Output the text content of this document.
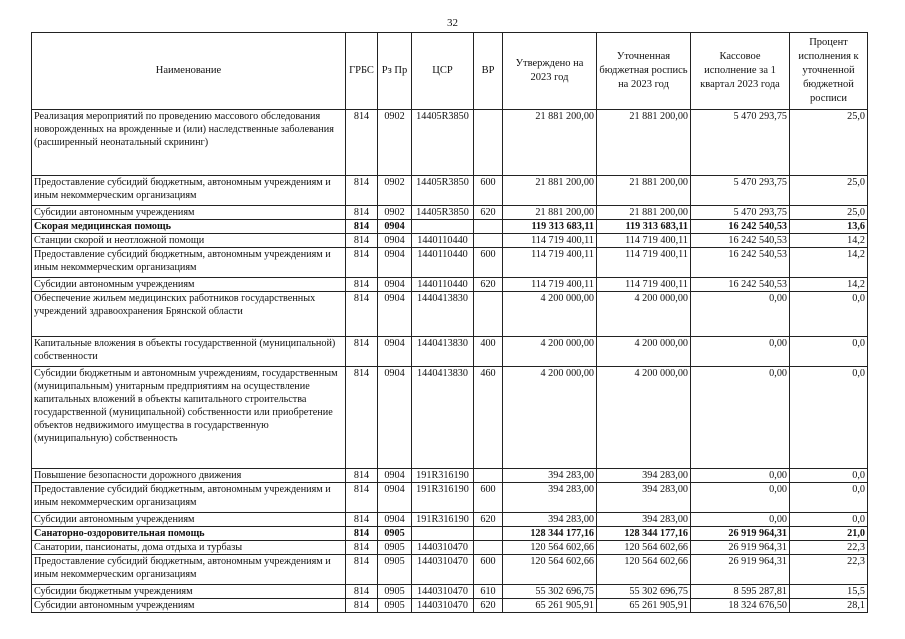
32
Наименование	ГРБС	Рз Пр	ЦСР	ВР	Утверждено на 2023 год	Уточненная бюджетная роспись на 2023 год	Кассовое исполнение за 1 квартал 2023 года	Процент исполнения к уточненной бюджетной росписи
Реализация мероприятий по проведению массового обследования новорожденных на врожденные и (или) наследственные заболевания (расширенный неонатальный скрининг)	814	0902	14405R3850		21 881 200,00	21 881 200,00	5 470 293,75	25,0
Предоставление субсидий бюджетным, автономным учреждениям и иным некоммерческим организациям	814	0902	14405R3850	600	21 881 200,00	21 881 200,00	5 470 293,75	25,0
Субсидии автономным учреждениям	814	0902	14405R3850	620	21 881 200,00	21 881 200,00	5 470 293,75	25,0
Скорая медицинская помощь	814	0904			119 313 683,11	119 313 683,11	16 242 540,53	13,6
Станции скорой и неотложной помощи	814	0904	1440110440		114 719 400,11	114 719 400,11	16 242 540,53	14,2
Предоставление субсидий бюджетным, автономным учреждениям и иным некоммерческим организациям	814	0904	1440110440	600	114 719 400,11	114 719 400,11	16 242 540,53	14,2
Субсидии автономным учреждениям	814	0904	1440110440	620	114 719 400,11	114 719 400,11	16 242 540,53	14,2
Обеспечение жильем медицинских работников государственных учреждений здравоохранения Брянской области	814	0904	1440413830		4 200 000,00	4 200 000,00	0,00	0,0
Капитальные вложения в объекты государственной (муниципальной) собственности	814	0904	1440413830	400	4 200 000,00	4 200 000,00	0,00	0,0
Субсидии бюджетным и автономным учреждениям, государственным (муниципальным) унитарным предприятиям на осуществление капитальных вложений в объекты капитального строительства государственной (муниципальной) собственности или приобретение объектов недвижимого имущества в государственную (муниципальную) собственность	814	0904	1440413830	460	4 200 000,00	4 200 000,00	0,00	0,0
Повышение безопасности дорожного движения	814	0904	191R316190		394 283,00	394 283,00	0,00	0,0
Предоставление субсидий бюджетным, автономным учреждениям и иным некоммерческим организациям	814	0904	191R316190	600	394 283,00	394 283,00	0,00	0,0
Субсидии автономным учреждениям	814	0904	191R316190	620	394 283,00	394 283,00	0,00	0,0
Санаторно-оздоровительная помощь	814	0905			128 344 177,16	128 344 177,16	26 919 964,31	21,0
Санатории, пансионаты, дома отдыха и турбазы	814	0905	1440310470		120 564 602,66	120 564 602,66	26 919 964,31	22,3
Предоставление субсидий бюджетным, автономным учреждениям и иным некоммерческим организациям	814	0905	1440310470	600	120 564 602,66	120 564 602,66	26 919 964,31	22,3
Субсидии бюджетным учреждениям	814	0905	1440310470	610	55 302 696,75	55 302 696,75	8 595 287,81	15,5
Субсидии автономным учреждениям	814	0905	1440310470	620	65 261 905,91	65 261 905,91	18 324 676,50	28,1
